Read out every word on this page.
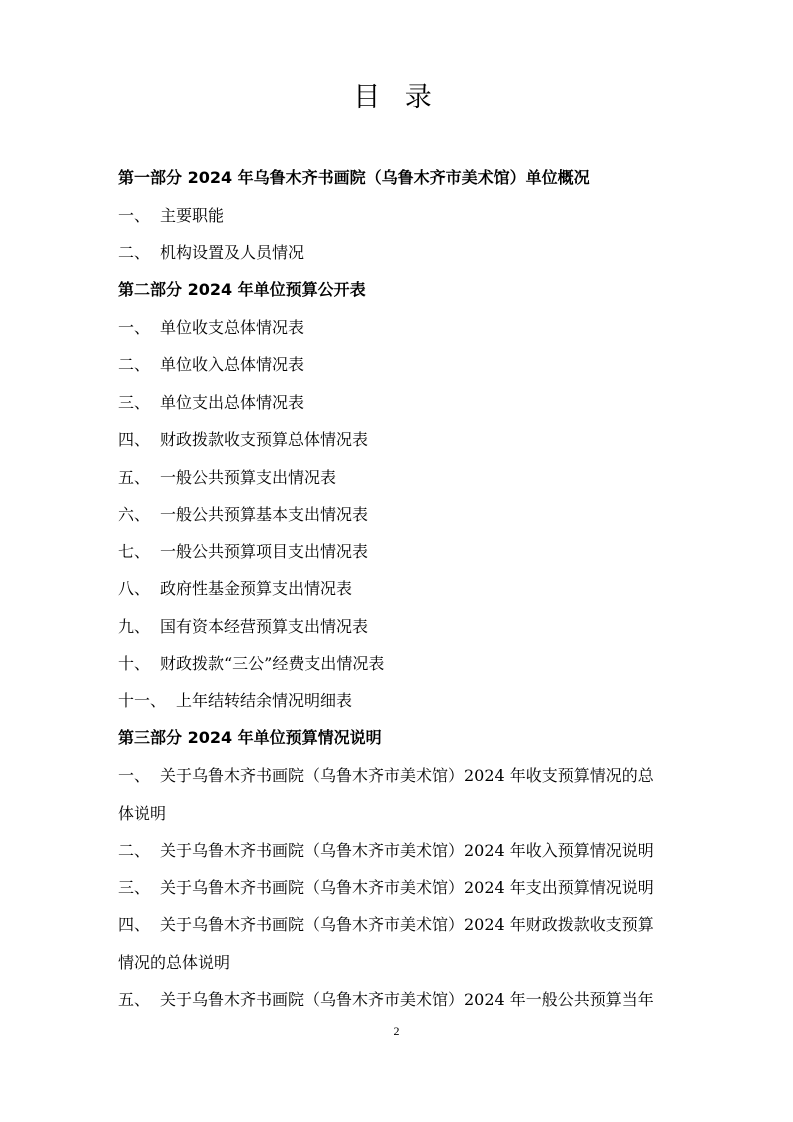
目 录
第一部分 2024 年乌鲁木齐书画院（乌鲁木齐市美术馆）单位概况
一、 主要职能
二、 机构设置及人员情况
第二部分 2024 年单位预算公开表
一、 单位收支总体情况表
二、 单位收入总体情况表
三、 单位支出总体情况表
四、 财政拨款收支预算总体情况表
五、 一般公共预算支出情况表
六、 一般公共预算基本支出情况表
七、 一般公共预算项目支出情况表
八、 政府性基金预算支出情况表
九、 国有资本经营预算支出情况表
十、 财政拨款“三公”经费支出情况表
十一、 上年结转结余情况明细表
第三部分 2024 年单位预算情况说明
一、 关于乌鲁木齐书画院（乌鲁木齐市美术馆）2024 年收支预算情况的总
体说明
二、 关于乌鲁木齐书画院（乌鲁木齐市美术馆）2024 年收入预算情况说明
三、 关于乌鲁木齐书画院（乌鲁木齐市美术馆）2024 年支出预算情况说明
四、 关于乌鲁木齐书画院（乌鲁木齐市美术馆）2024 年财政拨款收支预算
情况的总体说明
五、 关于乌鲁木齐书画院（乌鲁木齐市美术馆）2024 年一般公共预算当年
2
